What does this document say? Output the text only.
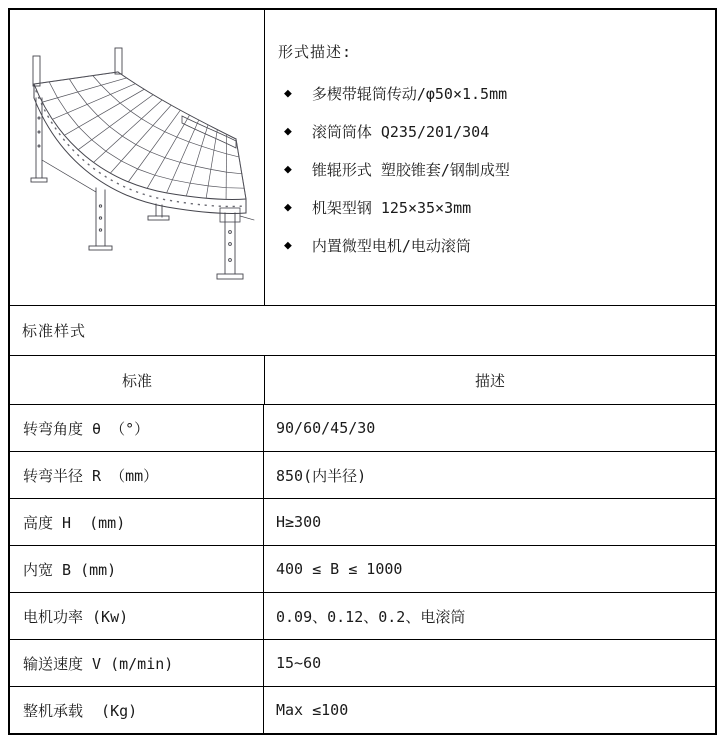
形式描述:
◆ 多楔带辊筒传动/φ50×1.5mm
◆ 滚筒筒体 Q235/201/304
◆ 锥辊形式 塑胶锥套/钢制成型
◆ 机架型钢 125×35×3mm
◆ 内置微型电机/电动滚筒
标准样式
标准	描述
转弯角度 θ （°）	90/60/45/30
转弯半径 R （mm）	850(内半径)
高度 H  (mm)	H≥300
内宽 B (mm)	400 ≤ B ≤ 1000
电机功率 (Kw)	0.09、0.12、0.2、电滚筒
输送速度 V (m/min)	15~60
整机承载  (Kg)	Max ≤100
